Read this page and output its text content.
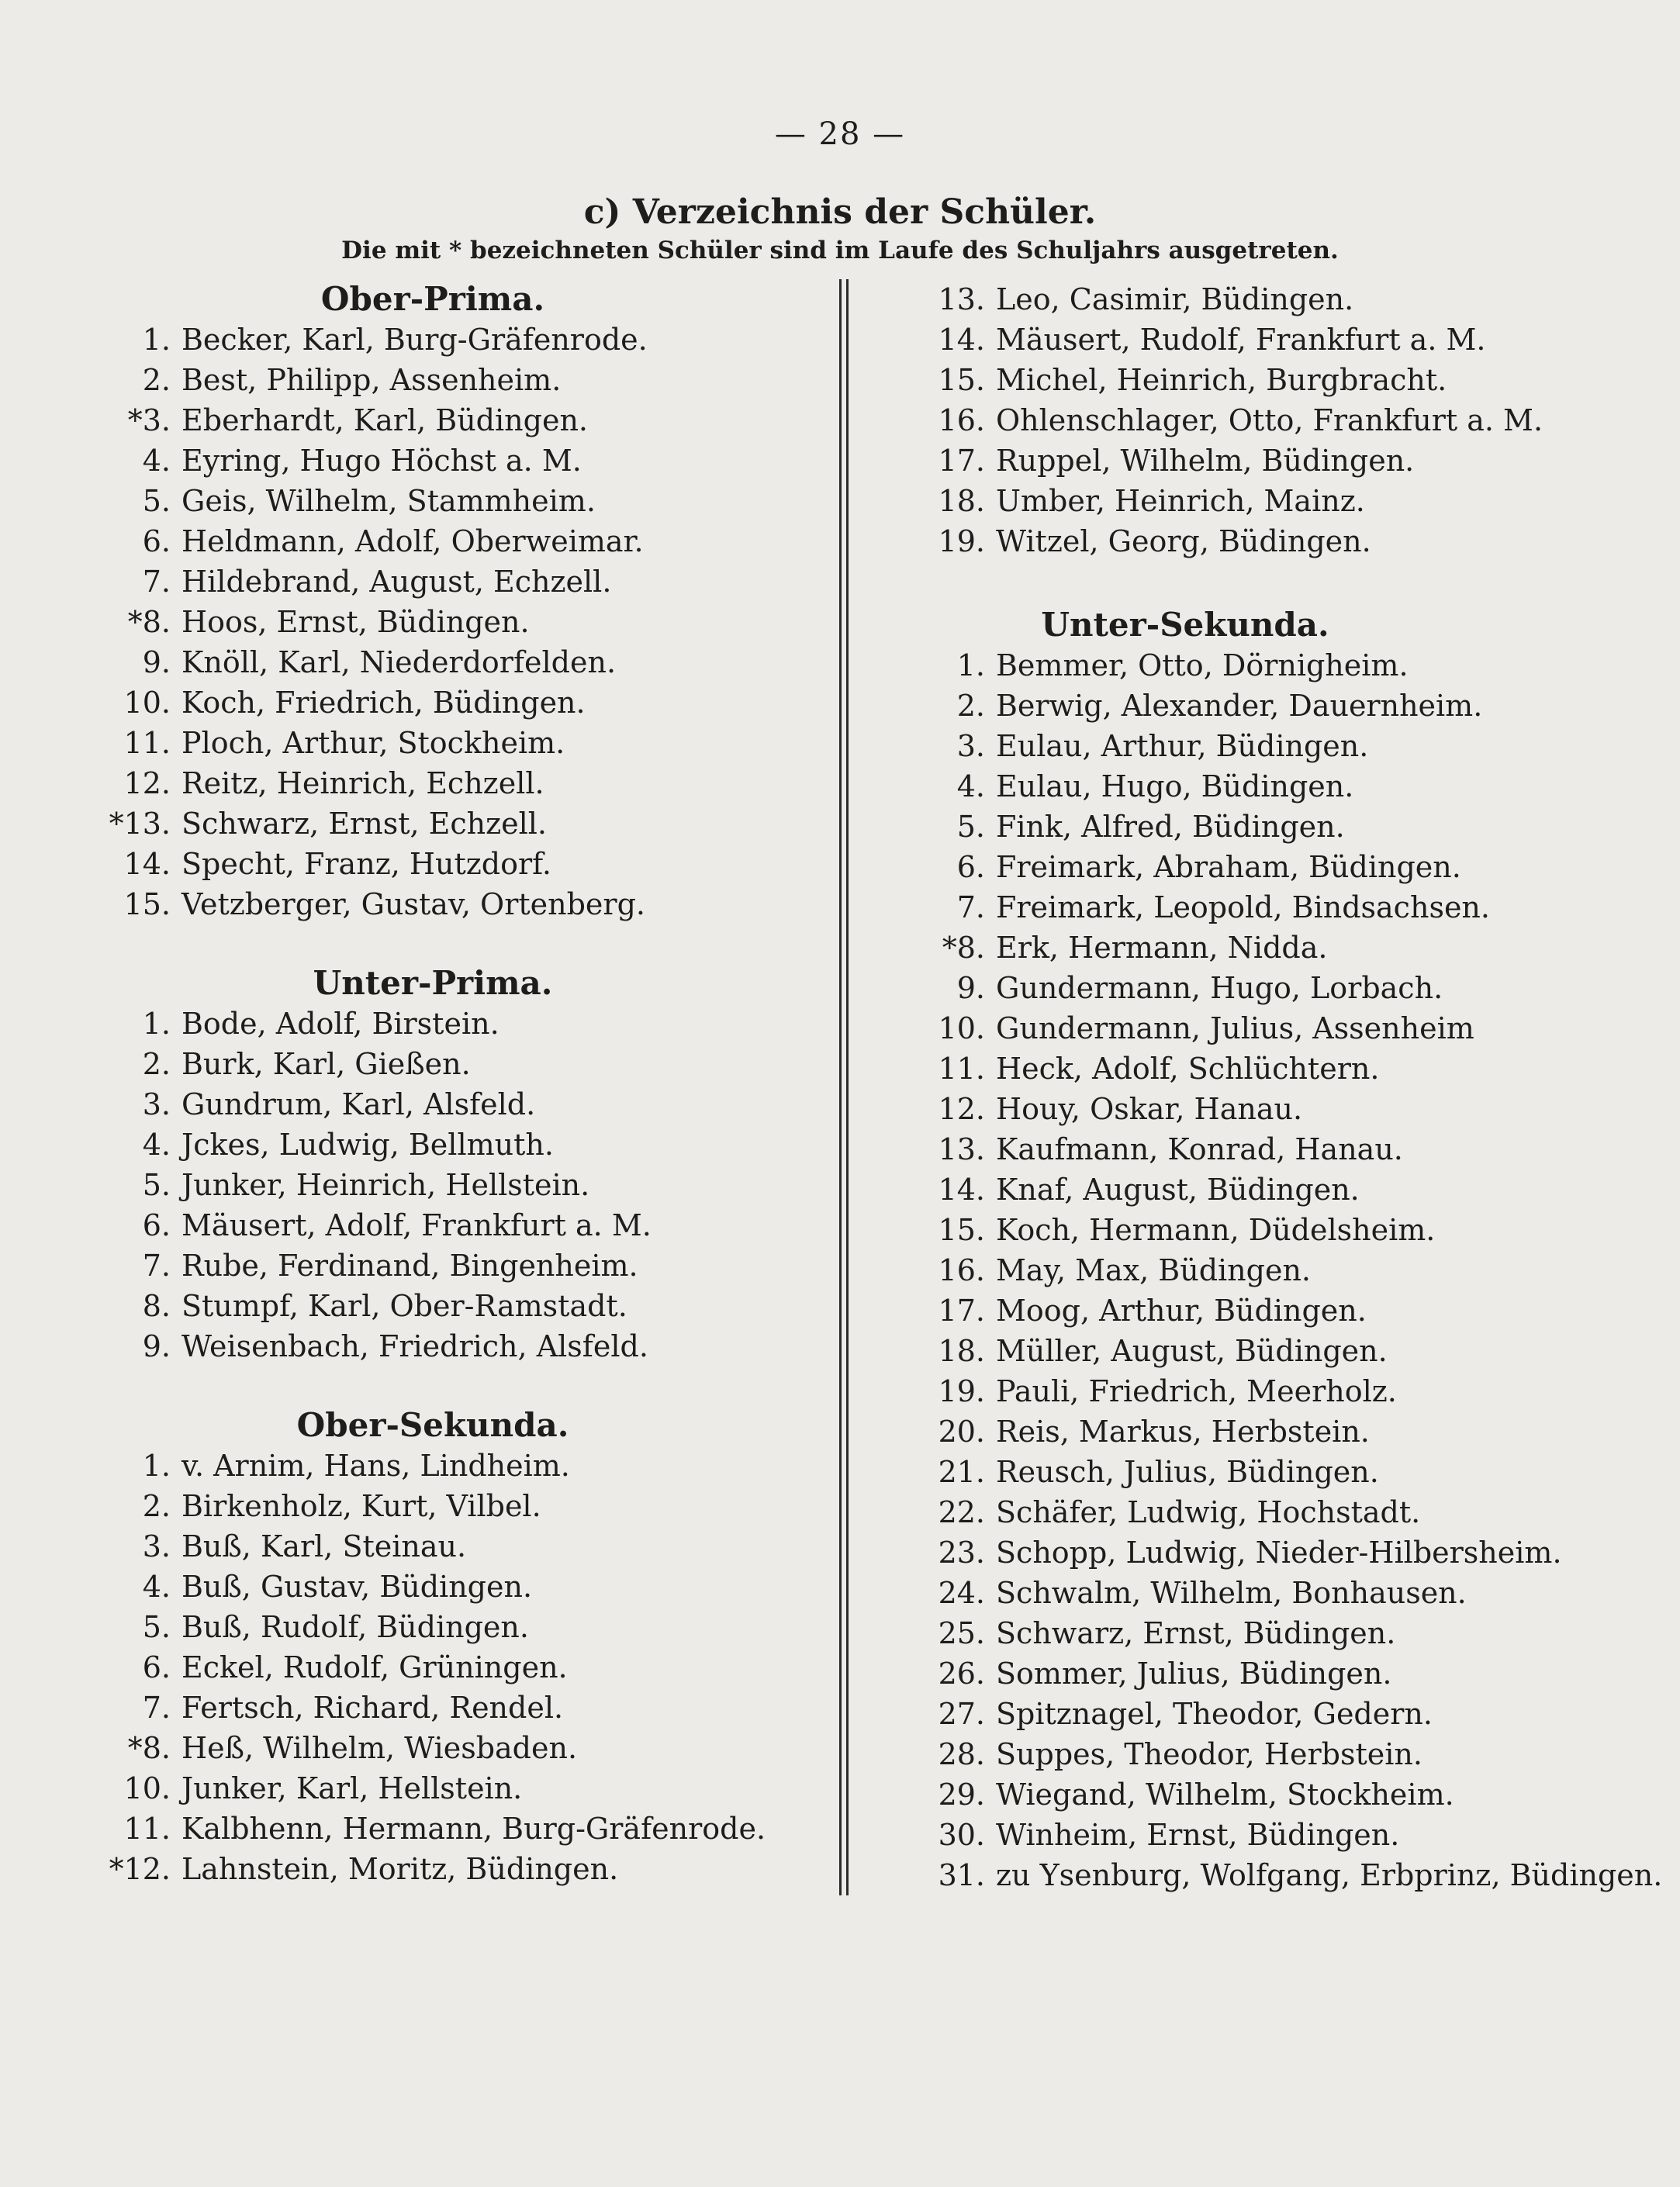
— 28 —
c) Verzeichnis der Schüler.
Die mit * bezeichneten Schüler sind im Laufe des Schuljahrs ausgetreten.
Ober-Prima.
1. Becker, Karl, Burg-Gräfenrode.
2. Best, Philipp, Assenheim.
*3. Eberhardt, Karl, Büdingen.
4. Eyring, Hugo Höchst a. M.
5. Geis, Wilhelm, Stammheim.
6. Heldmann, Adolf, Oberweimar.
7. Hildebrand, August, Echzell.
*8. Hoos, Ernst, Büdingen.
9. Knöll, Karl, Niederdorfelden.
10. Koch, Friedrich, Büdingen.
11. Ploch, Arthur, Stockheim.
12. Reitz, Heinrich, Echzell.
*13. Schwarz, Ernst, Echzell.
14. Specht, Franz, Hutzdorf.
15. Vetzberger, Gustav, Ortenberg.
Unter-Prima.
1. Bode, Adolf, Birstein.
2. Burk, Karl, Gießen.
3. Gundrum, Karl, Alsfeld.
4. Jckes, Ludwig, Bellmuth.
5. Junker, Heinrich, Hellstein.
6. Mäusert, Adolf, Frankfurt a. M.
7. Rube, Ferdinand, Bingenheim.
8. Stumpf, Karl, Ober-Ramstadt.
9. Weisenbach, Friedrich, Alsfeld.
Ober-Sekunda.
1. v. Arnim, Hans, Lindheim.
2. Birkenholz, Kurt, Vilbel.
3. Buß, Karl, Steinau.
4. Buß, Gustav, Büdingen.
5. Buß, Rudolf, Büdingen.
6. Eckel, Rudolf, Grüningen.
7. Fertsch, Richard, Rendel.
*8. Heß, Wilhelm, Wiesbaden.
10. Junker, Karl, Hellstein.
11. Kalbhenn, Hermann, Burg-Gräfenrode.
*12. Lahnstein, Moritz, Büdingen.
13. Leo, Casimir, Büdingen.
14. Mäusert, Rudolf, Frankfurt a. M.
15. Michel, Heinrich, Burgbracht.
16. Ohlenschlager, Otto, Frankfurt a. M.
17. Ruppel, Wilhelm, Büdingen.
18. Umber, Heinrich, Mainz.
19. Witzel, Georg, Büdingen.
Unter-Sekunda.
1. Bemmer, Otto, Dörnigheim.
2. Berwig, Alexander, Dauernheim.
3. Eulau, Arthur, Büdingen.
4. Eulau, Hugo, Büdingen.
5. Fink, Alfred, Büdingen.
6. Freimark, Abraham, Büdingen.
7. Freimark, Leopold, Bindsachsen.
*8. Erk, Hermann, Nidda.
9. Gundermann, Hugo, Lorbach.
10. Gundermann, Julius, Assenheim
11. Heck, Adolf, Schlüchtern.
12. Houy, Oskar, Hanau.
13. Kaufmann, Konrad, Hanau.
14. Knaf, August, Büdingen.
15. Koch, Hermann, Düdelsheim.
16. May, Max, Büdingen.
17. Moog, Arthur, Büdingen.
18. Müller, August, Büdingen.
19. Pauli, Friedrich, Meerholz.
20. Reis, Markus, Herbstein.
21. Reusch, Julius, Büdingen.
22. Schäfer, Ludwig, Hochstadt.
23. Schopp, Ludwig, Nieder-Hilbersheim.
24. Schwalm, Wilhelm, Bonhausen.
25. Schwarz, Ernst, Büdingen.
26. Sommer, Julius, Büdingen.
27. Spitznagel, Theodor, Gedern.
28. Suppes, Theodor, Herbstein.
29. Wiegand, Wilhelm, Stockheim.
30. Winheim, Ernst, Büdingen.
31. zu Ysenburg, Wolfgang, Erbprinz, Büdingen.
